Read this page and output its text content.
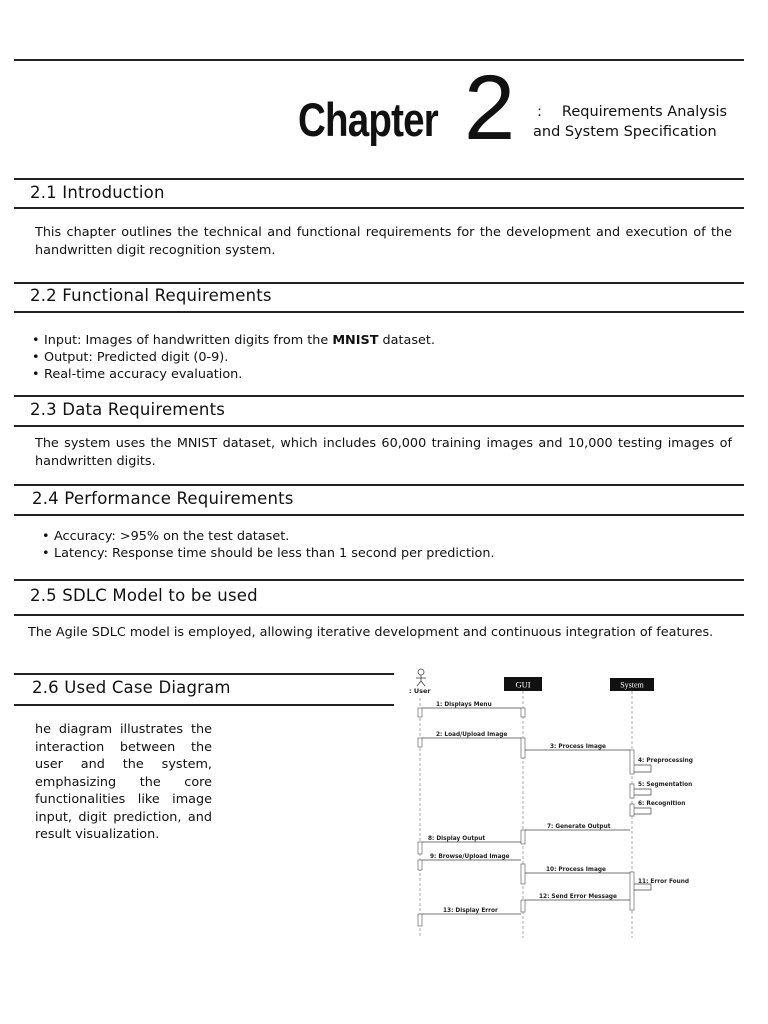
Chapter 2 : Requirements Analysis
and System Specification
2.1 Introduction
This chapter outlines the technical and functional requirements for the development and execution of the handwritten digit recognition system.
2.2 Functional Requirements
• Input: Images of handwritten digits from the MNIST dataset.
• Output: Predicted digit (0-9).
• Real-time accuracy evaluation.
2.3 Data Requirements
The system uses the MNIST dataset, which includes 60,000 training images and 10,000 testing images of handwritten digits.
2.4 Performance Requirements
• Accuracy: >95% on the test dataset.
• Latency: Response time should be less than 1 second per prediction.
2.5 SDLC Model to be used
The Agile SDLC model is employed, allowing iterative development and continuous integration of features.
2.6 Used Case Diagram
he diagram illustrates the interaction between the user and the system, emphasizing the core functionalities like image input, digit prediction, and result visualization.
: User
GUI	System
1: Displays Menu
2: Load/Upload Image
3: Process Image
4: Preprocessing
5: Segmentation
6: Recognition
7: Generate Output
8: Display Output
9: Browse/Upload Image
10: Process Image
11: Error Found
12: Send Error Message
13: Display Error
